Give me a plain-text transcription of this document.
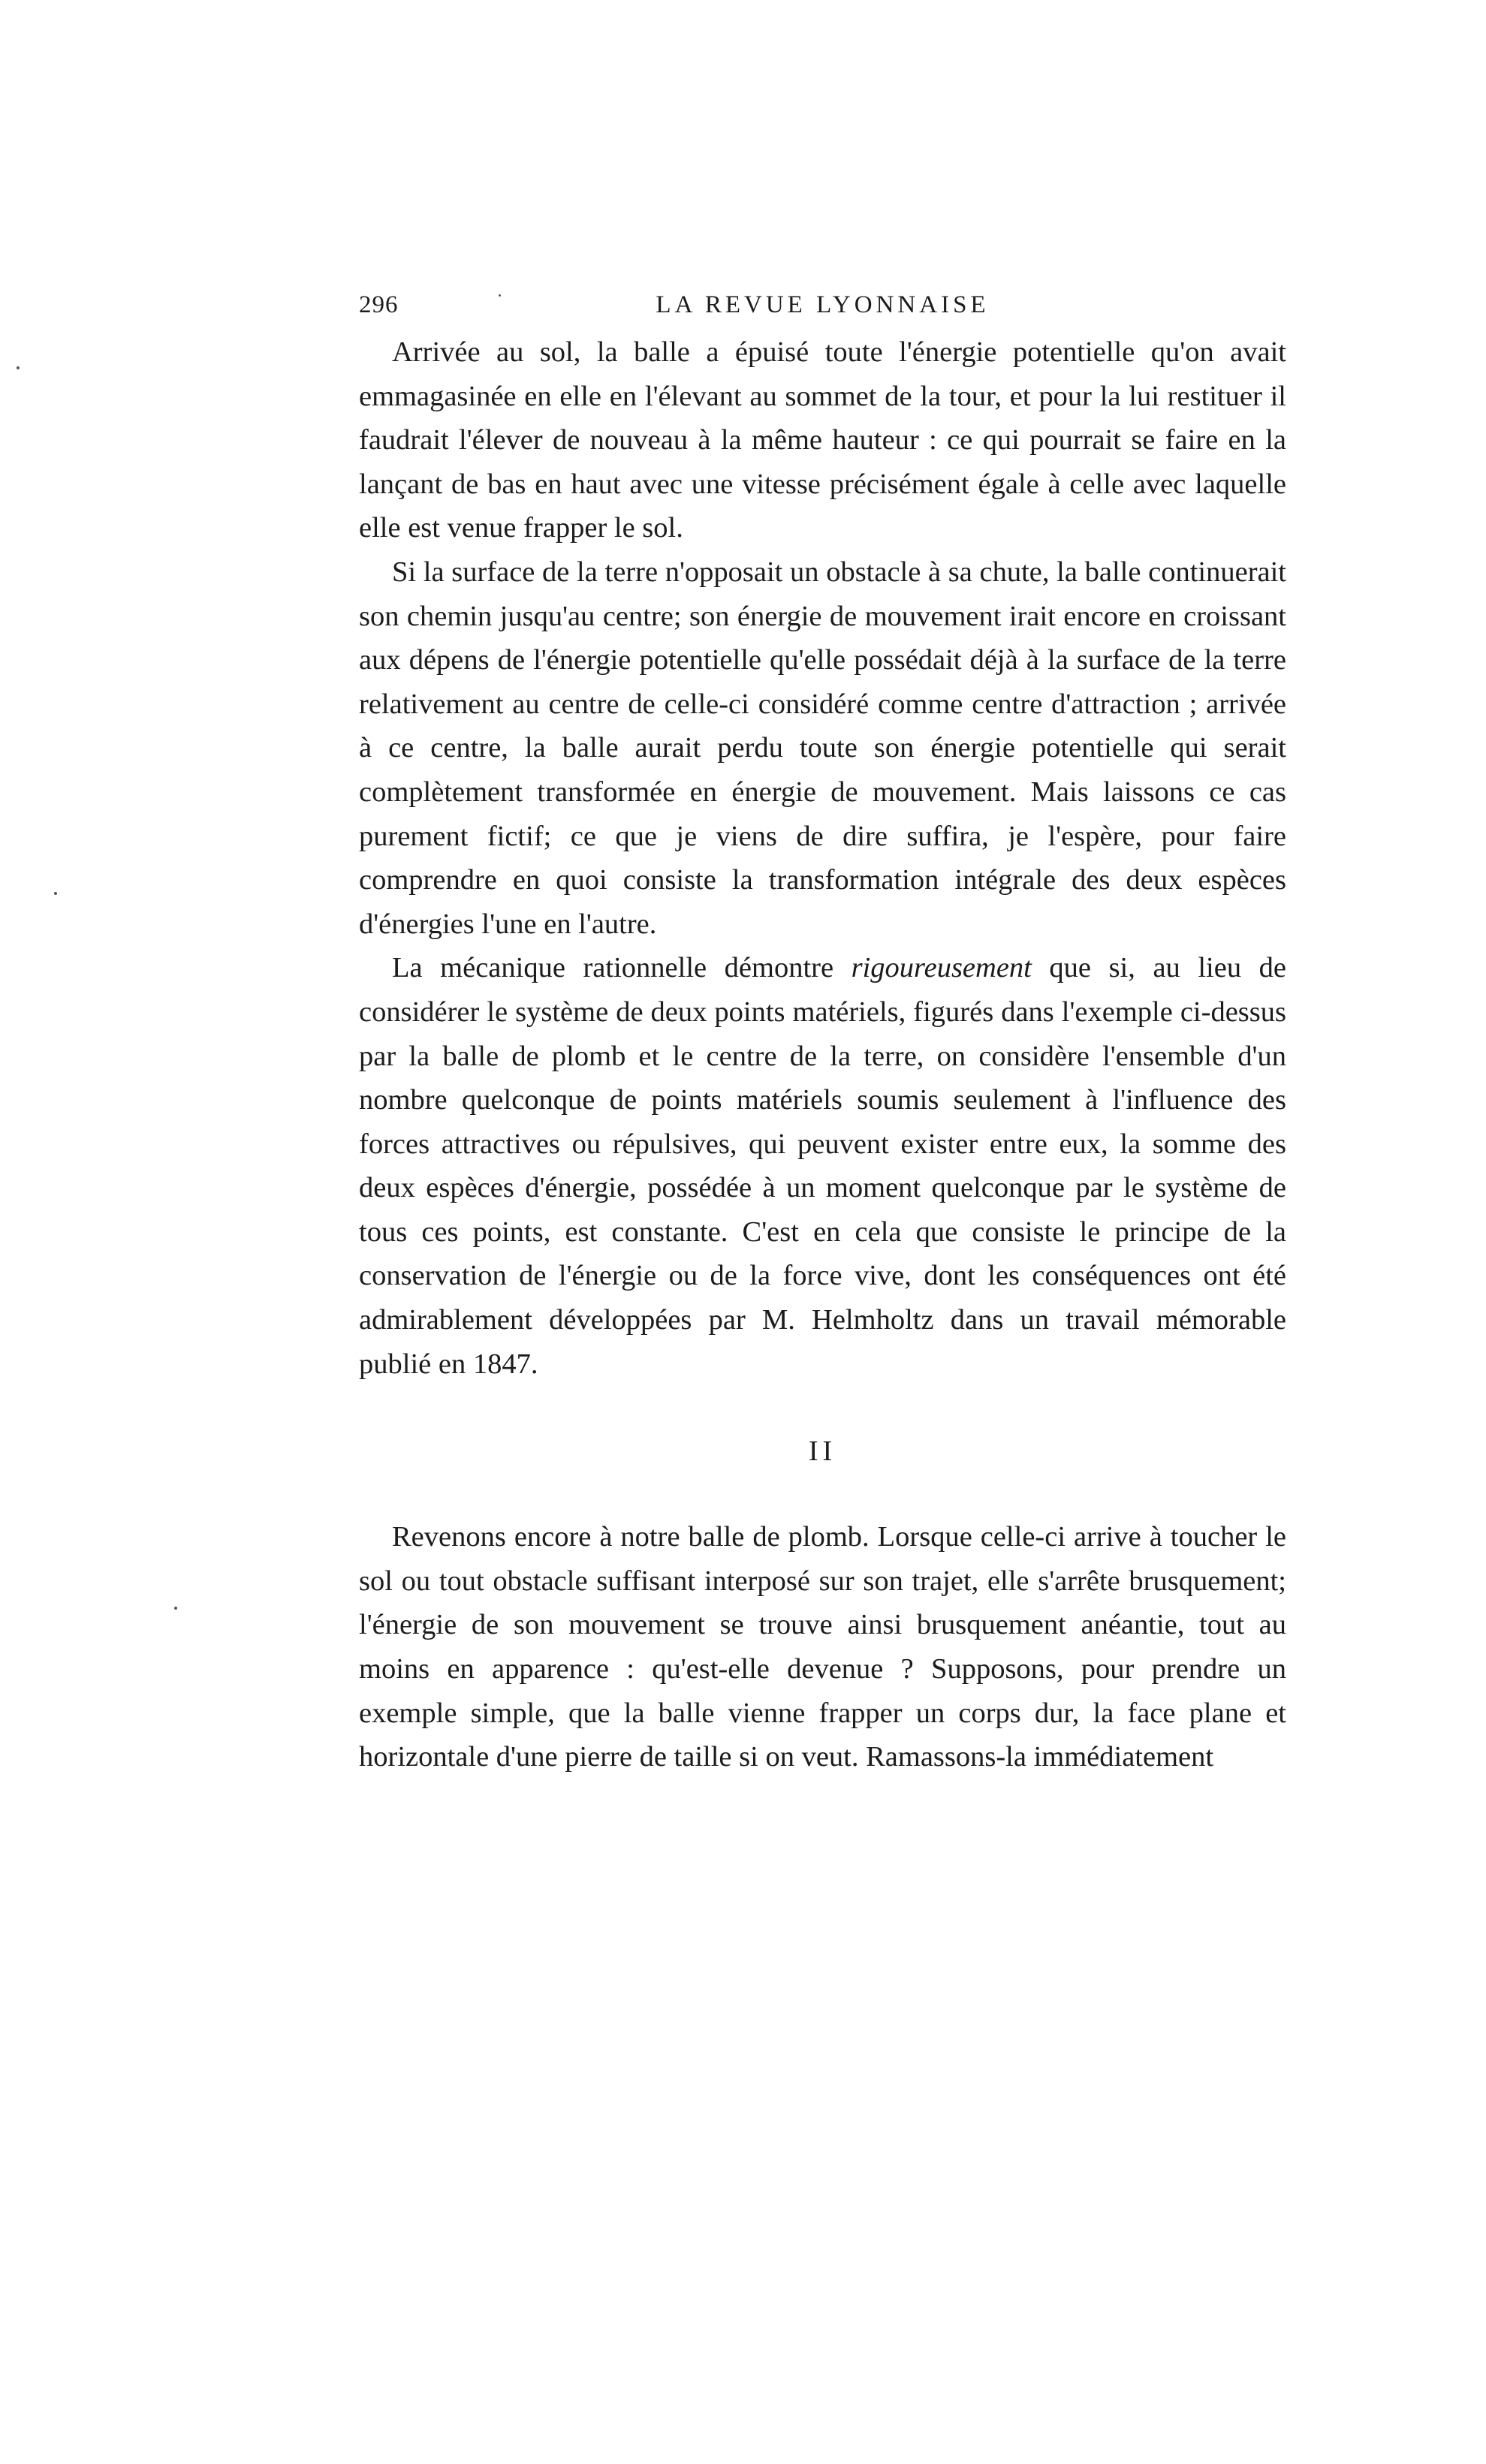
296	LA REVUE LYONNAISE

Arrivée au sol, la balle a épuisé toute l'énergie potentielle qu'on avait emmagasinée en elle en l'élevant au sommet de la tour, et pour la lui restituer il faudrait l'élever de nouveau à la même hauteur : ce qui pourrait se faire en la lançant de bas en haut avec une vitesse précisément égale à celle avec laquelle elle est venue frapper le sol.

Si la surface de la terre n'opposait un obstacle à sa chute, la balle continuerait son chemin jusqu'au centre; son énergie de mouvement irait encore en croissant aux dépens de l'énergie potentielle qu'elle possédait déjà à la surface de la terre relativement au centre de celle-ci considéré comme centre d'attraction ; arrivée à ce centre, la balle aurait perdu toute son énergie potentielle qui serait complètement transformée en énergie de mouvement. Mais laissons ce cas purement fictif; ce que je viens de dire suffira, je l'espère, pour faire comprendre en quoi consiste la transformation intégrale des deux espèces d'énergies l'une en l'autre.

La mécanique rationnelle démontre rigoureusement que si, au lieu de considérer le système de deux points matériels, figurés dans l'exemple ci-dessus par la balle de plomb et le centre de la terre, on considère l'ensemble d'un nombre quelconque de points matériels soumis seulement à l'influence des forces attractives ou répulsives, qui peuvent exister entre eux, la somme des deux espèces d'énergie, possédée à un moment quelconque par le système de tous ces points, est constante. C'est en cela que consiste le principe de la conservation de l'énergie ou de la force vive, dont les conséquences ont été admirablement développées par M. Helmholtz dans un travail mémorable publié en 1847.

II

Revenons encore à notre balle de plomb. Lorsque celle-ci arrive à toucher le sol ou tout obstacle suffisant interposé sur son trajet, elle s'arrête brusquement; l'énergie de son mouvement se trouve ainsi brusquement anéantie, tout au moins en apparence : qu'est-elle devenue ? Supposons, pour prendre un exemple simple, que la balle vienne frapper un corps dur, la face plane et horizontale d'une pierre de taille si on veut. Ramassons-la immédiatement
